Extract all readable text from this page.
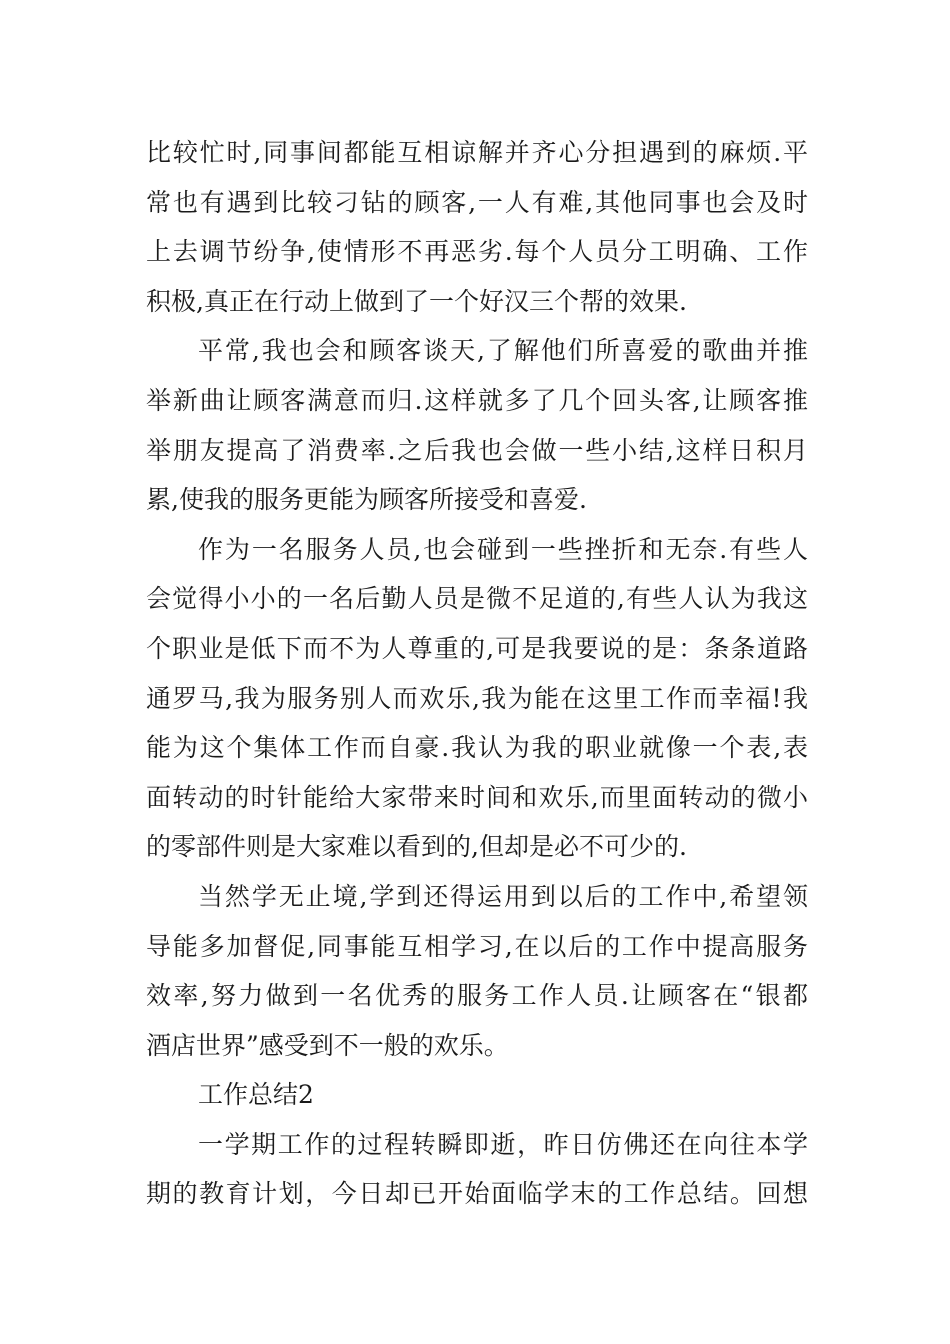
比较忙时,同事间都能互相谅解并齐心分担遇到的麻烦.平
常也有遇到比较刁钻的顾客,一人有难,其他同事也会及时
上去调节纷争,使情形不再恶劣.每个人员分工明确、工作
积极,真正在行动上做到了一个好汉三个帮的效果.
平常,我也会和顾客谈天,了解他们所喜爱的歌曲并推
举新曲让顾客满意而归.这样就多了几个回头客,让顾客推
举朋友提高了消费率.之后我也会做一些小结,这样日积月
累,使我的服务更能为顾客所接受和喜爱.
作为一名服务人员,也会碰到一些挫折和无奈.有些人
会觉得小小的一名后勤人员是微不足道的,有些人认为我这
个职业是低下而不为人尊重的,可是我要说的是：条条道路
通罗马,我为服务别人而欢乐,我为能在这里工作而幸福!我
能为这个集体工作而自豪.我认为我的职业就像一个表,表
面转动的时针能给大家带来时间和欢乐,而里面转动的微小
的零部件则是大家难以看到的,但却是必不可少的.
当然学无止境,学到还得运用到以后的工作中,希望领
导能多加督促,同事能互相学习,在以后的工作中提高服务
效率,努力做到一名优秀的服务工作人员.让顾客在“银都
酒店世界”感受到不一般的欢乐。
工作总结2
一学期工作的过程转瞬即逝，昨日仿佛还在向往本学
期的教育计划，今日却已开始面临学末的工作总结。回想
